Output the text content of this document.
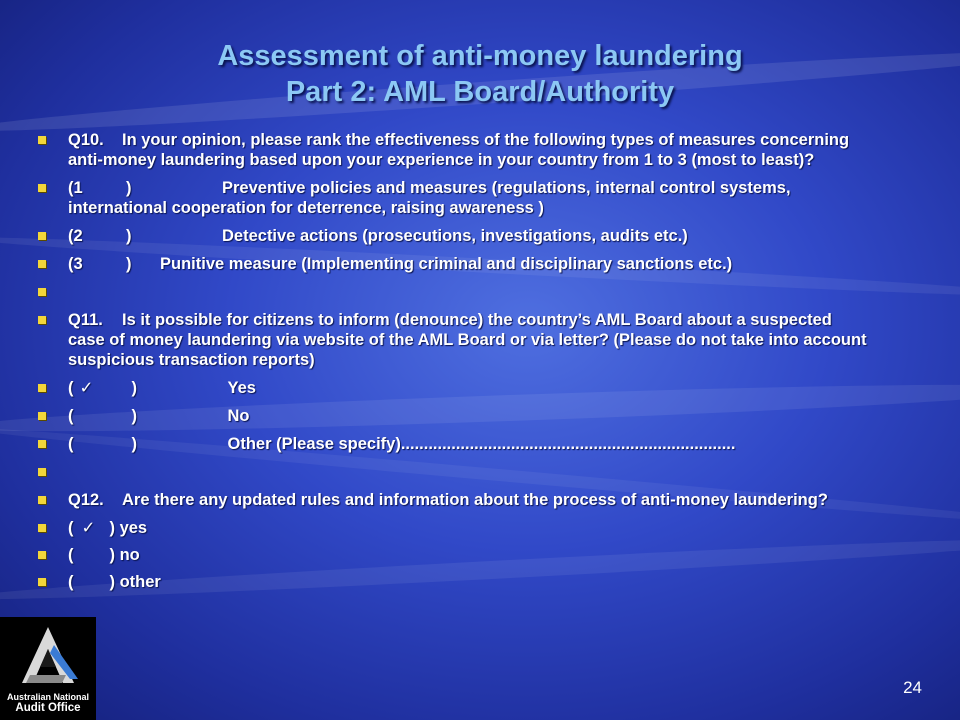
Assessment of anti-money laundering
Part 2: AML Board/Authority
Q10. In your opinion, please rank the effectiveness of the following types of measures concerning
anti-money laundering based upon your experience in your country from 1 to 3 (most to least)?
(1	)	Preventive policies and measures (regulations, internal control systems,
international cooperation for deterrence, raising awareness )
(2	)	Detective actions (prosecutions, investigations, audits etc.)
(3	) Punitive measure (Implementing criminal and disciplinary sanctions etc.)
Q11. Is it possible for citizens to inform (denounce) the country’s AML Board about a suspected
case of money laundering via website of the AML Board or via letter? (Please do not take into account
suspicious transaction reports)
( ✓ )	Yes
(	)	No
(	)	Other (Please specify).........................................................................
Q12. Are there any updated rules and information about the process of anti-money laundering?
( ✓ ) yes
( ) no
( ) other
Australian National
Audit Office
24
